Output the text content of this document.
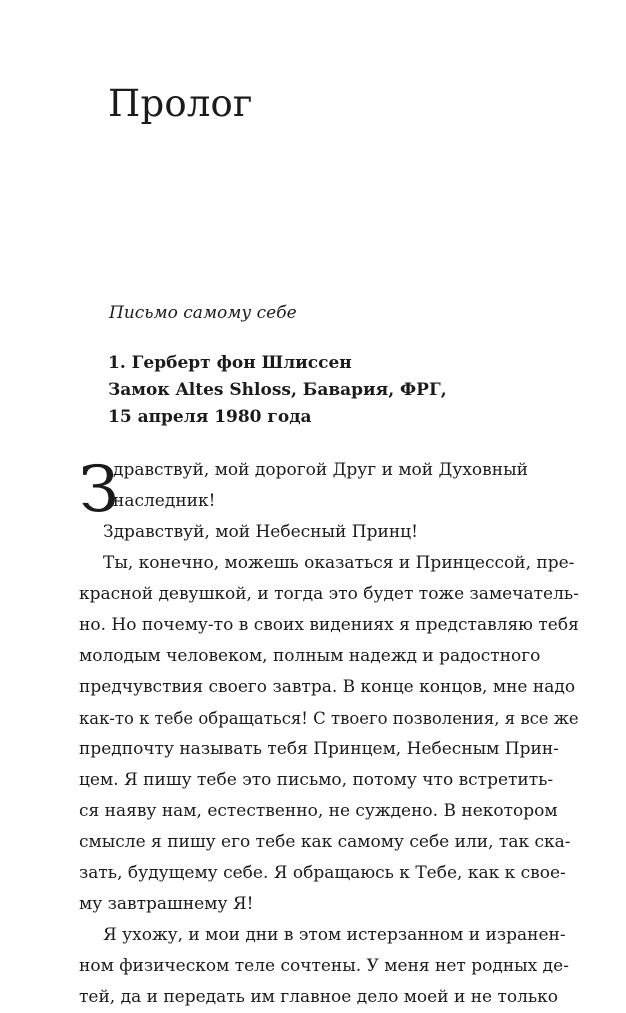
Пролог

Письмо самому себе

1. Герберт фон Шлиссен
Замок Altes Shloss, Бавария, ФРГ,
15 апреля 1980 года
З
дравствуй, мой дорогой Друг и мой Духовный
наследник!
Здравствуй, мой Небесный Принц!
Ты, конечно, можешь оказаться и Принцессой, пре-
красной девушкой, и тогда это будет тоже замечатель-
но. Но почему-то в своих видениях я представляю тебя
молодым человеком, полным надежд и радостного
предчувствия своего завтра. В конце концов, мне надо
как-то к тебе обращаться! С твоего позволения, я все же
предпочту называть тебя Принцем, Небесным Прин-
цем. Я пишу тебе это письмо, потому что встретить-
ся наяву нам, естественно, не суждено. В некотором
смысле я пишу его тебе как самому себе или, так ска-
зать, будущему себе. Я обращаюсь к Тебе, как к свое-
му завтрашнему Я!
Я ухожу, и мои дни в этом истерзанном и изранен-
ном физическом теле сочтены. У меня нет родных де-
тей, да и передать им главное дело моей и не только
